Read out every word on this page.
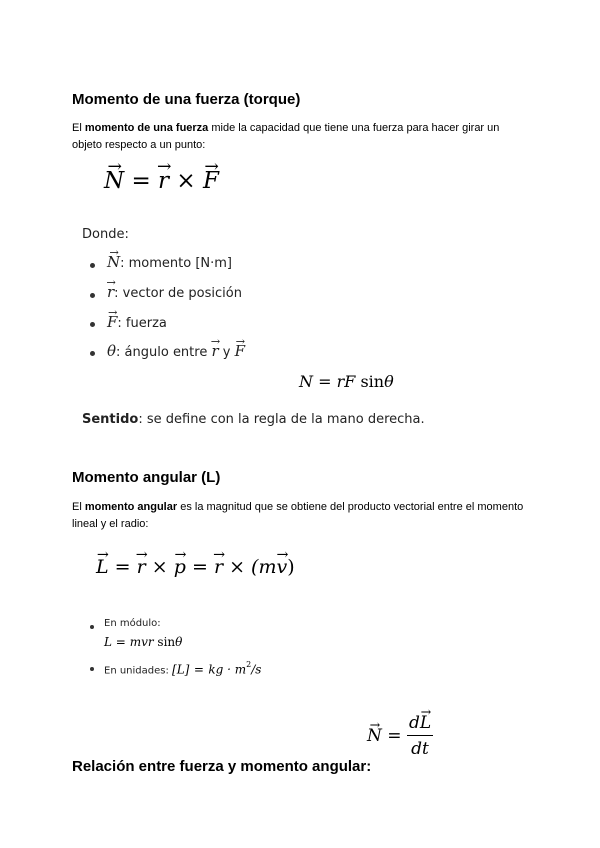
Momento de una fuerza (torque)
El momento de una fuerza mide la capacidad que tiene una fuerza para hacer girar un
objeto respecto a un punto:
→ N = → r × → F
Donde:
→ N: momento [N·m]
→ r: vector de posición
→ F: fuerza
θ: ángulo entre → r y → F
N = rF sinθ
Sentido: se define con la regla de la mano derecha.
Momento angular (L)
El momento angular es la magnitud que se obtiene del producto vectorial entre el momento
lineal y el radio:
→ L = → r × → p = → r × (m→ v)
En módulo:
L = mvr sinθ
En unidades: [L] = kg · $m^2/s$
→ $N = \frac{d\to L}{dt}$
Relación entre fuerza y momento angular:
